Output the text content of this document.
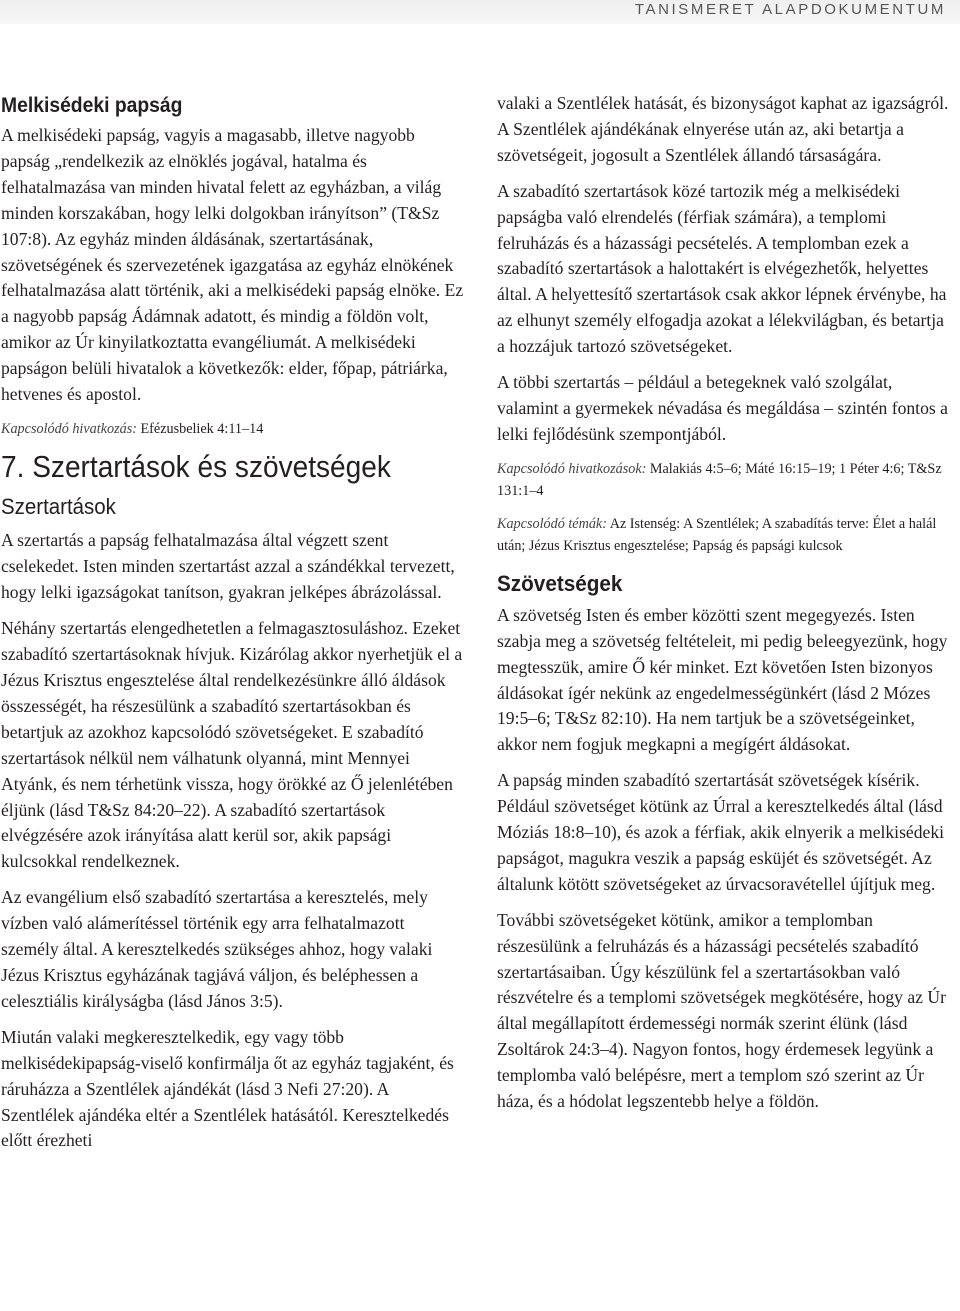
TANISMERET ALAPDOKUMENTUM
Melkisédeki papság

A melkisédeki papság, vagyis a magasabb, illetve nagyobb papság „rendelkezik az elnöklés jogával, hatalma és felhatalmazása van minden hivatal felett az egyházban, a világ minden korszakában, hogy lelki dolgokban irányítson” (T&Sz 107:8). Az egyház minden áldásának, szertartásának, szövetségének és szervezetének igazgatása az egyház elnökének felhatalmazása alatt történik, aki a melkisédeki papság elnöke. Ez a nagyobb papság Ádámnak adatott, és mindig a földön volt, amikor az Úr kinyilatkoztatta evangéliumát. A melkisédeki papságon belüli hivatalok a következők: elder, főpap, pátriárka, hetvenes és apostol.

Kapcsolódó hivatkozás: Efézusbeliek 4:11–14

7. Szertartások és szövetségek
Szertartások

A szertartás a papság felhatalmazása által végzett szent cselekedet. Isten minden szertartást azzal a szándékkal tervezett, hogy lelki igazságokat tanítson, gyakran jelképes ábrázolással.

Néhány szertartás elengedhetetlen a felmagasztosuláshoz. Ezeket szabadító szertartásoknak hívjuk. Kizárólag akkor nyerhetjük el a Jézus Krisztus engesztelése által rendelkezésünkre álló áldások összességét, ha részesülünk a szabadító szertartásokban és betartjuk az azokhoz kapcsolódó szövetségeket. E szabadító szertartások nélkül nem válhatunk olyanná, mint Mennyei Atyánk, és nem térhetünk vissza, hogy örökké az Ő jelenlétében éljünk (lásd T&Sz 84:20–22). A szabadító szertartások elvégzésére azok irányítása alatt kerül sor, akik papsági kulcsokkal rendelkeznek.

Az evangélium első szabadító szertartása a keresztelés, mely vízben való alámerítéssel történik egy arra felhatalmazott személy által. A keresztelkedés szükséges ahhoz, hogy valaki Jézus Krisztus egyházának tagjává váljon, és beléphessen a celesztiális királyságba (lásd János 3:5).

Miután valaki megkeresztelkedik, egy vagy több melkisédekipapság-viselő konfirmálja őt az egyház tagjaként, és ráruházza a Szentlélek ajándékát (lásd 3 Nefi 27:20). A Szentlélek ajándéka eltér a Szentlélek hatásától. Keresztelkedés előtt érezheti

valaki a Szentlélek hatását, és bizonyságot kaphat az igazságról. A Szentlélek ajándékának elnyerése után az, aki betartja a szövetségeit, jogosult a Szentlélek állandó társaságára.

A szabadító szertartások közé tartozik még a melkisédeki papságba való elrendelés (férfiak számára), a templomi felruházás és a házassági pecsételés. A templomban ezek a szabadító szertartások a halottakért is elvégezhetők, helyettes által. A helyettesítő szertartások csak akkor lépnek érvénybe, ha az elhunyt személy elfogadja azokat a lélekvilágban, és betartja a hozzájuk tartozó szövetségeket.

A többi szertartás – például a betegeknek való szolgálat, valamint a gyermekek névadása és megáldása – szintén fontos a lelki fejlődésünk szempontjából.

Kapcsolódó hivatkozások: Malakiás 4:5–6; Máté 16:15–19; 1 Péter 4:6; T&Sz 131:1–4

Kapcsolódó témák: Az Istenség: A Szentlélek; A szabadítás terve: Élet a halál után; Jézus Krisztus engesztelése; Papság és papsági kulcsok

Szövetségek

A szövetség Isten és ember közötti szent megegyezés. Isten szabja meg a szövetség feltételeit, mi pedig beleegyezünk, hogy megtesszük, amire Ő kér minket. Ezt követően Isten bizonyos áldásokat ígér nekünk az engedelmességünkért (lásd 2 Mózes 19:5–6; T&Sz 82:10). Ha nem tartjuk be a szövetségeinket, akkor nem fogjuk megkapni a megígért áldásokat.

A papság minden szabadító szertartását szövetségek kísérik. Például szövetséget kötünk az Úrral a keresztelkedés által (lásd Móziás 18:8–10), és azok a férfiak, akik elnyerik a melkisédeki papságot, magukra veszik a papság esküjét és szövetségét. Az általunk kötött szövetségeket az úrvacsoravétellel újítjuk meg.

További szövetségeket kötünk, amikor a templomban részesülünk a felruházás és a házassági pecsételés szabadító szertartásaiban. Úgy készülünk fel a szertartásokban való részvételre és a templomi szövetségek megkötésére, hogy az Úr által megállapított érdemességi normák szerint élünk (lásd Zsoltárok 24:3–4). Nagyon fontos, hogy érdemesek legyünk a templomba való belépésre, mert a templom szó szerint az Úr háza, és a hódolat legszentebb helye a földön.
